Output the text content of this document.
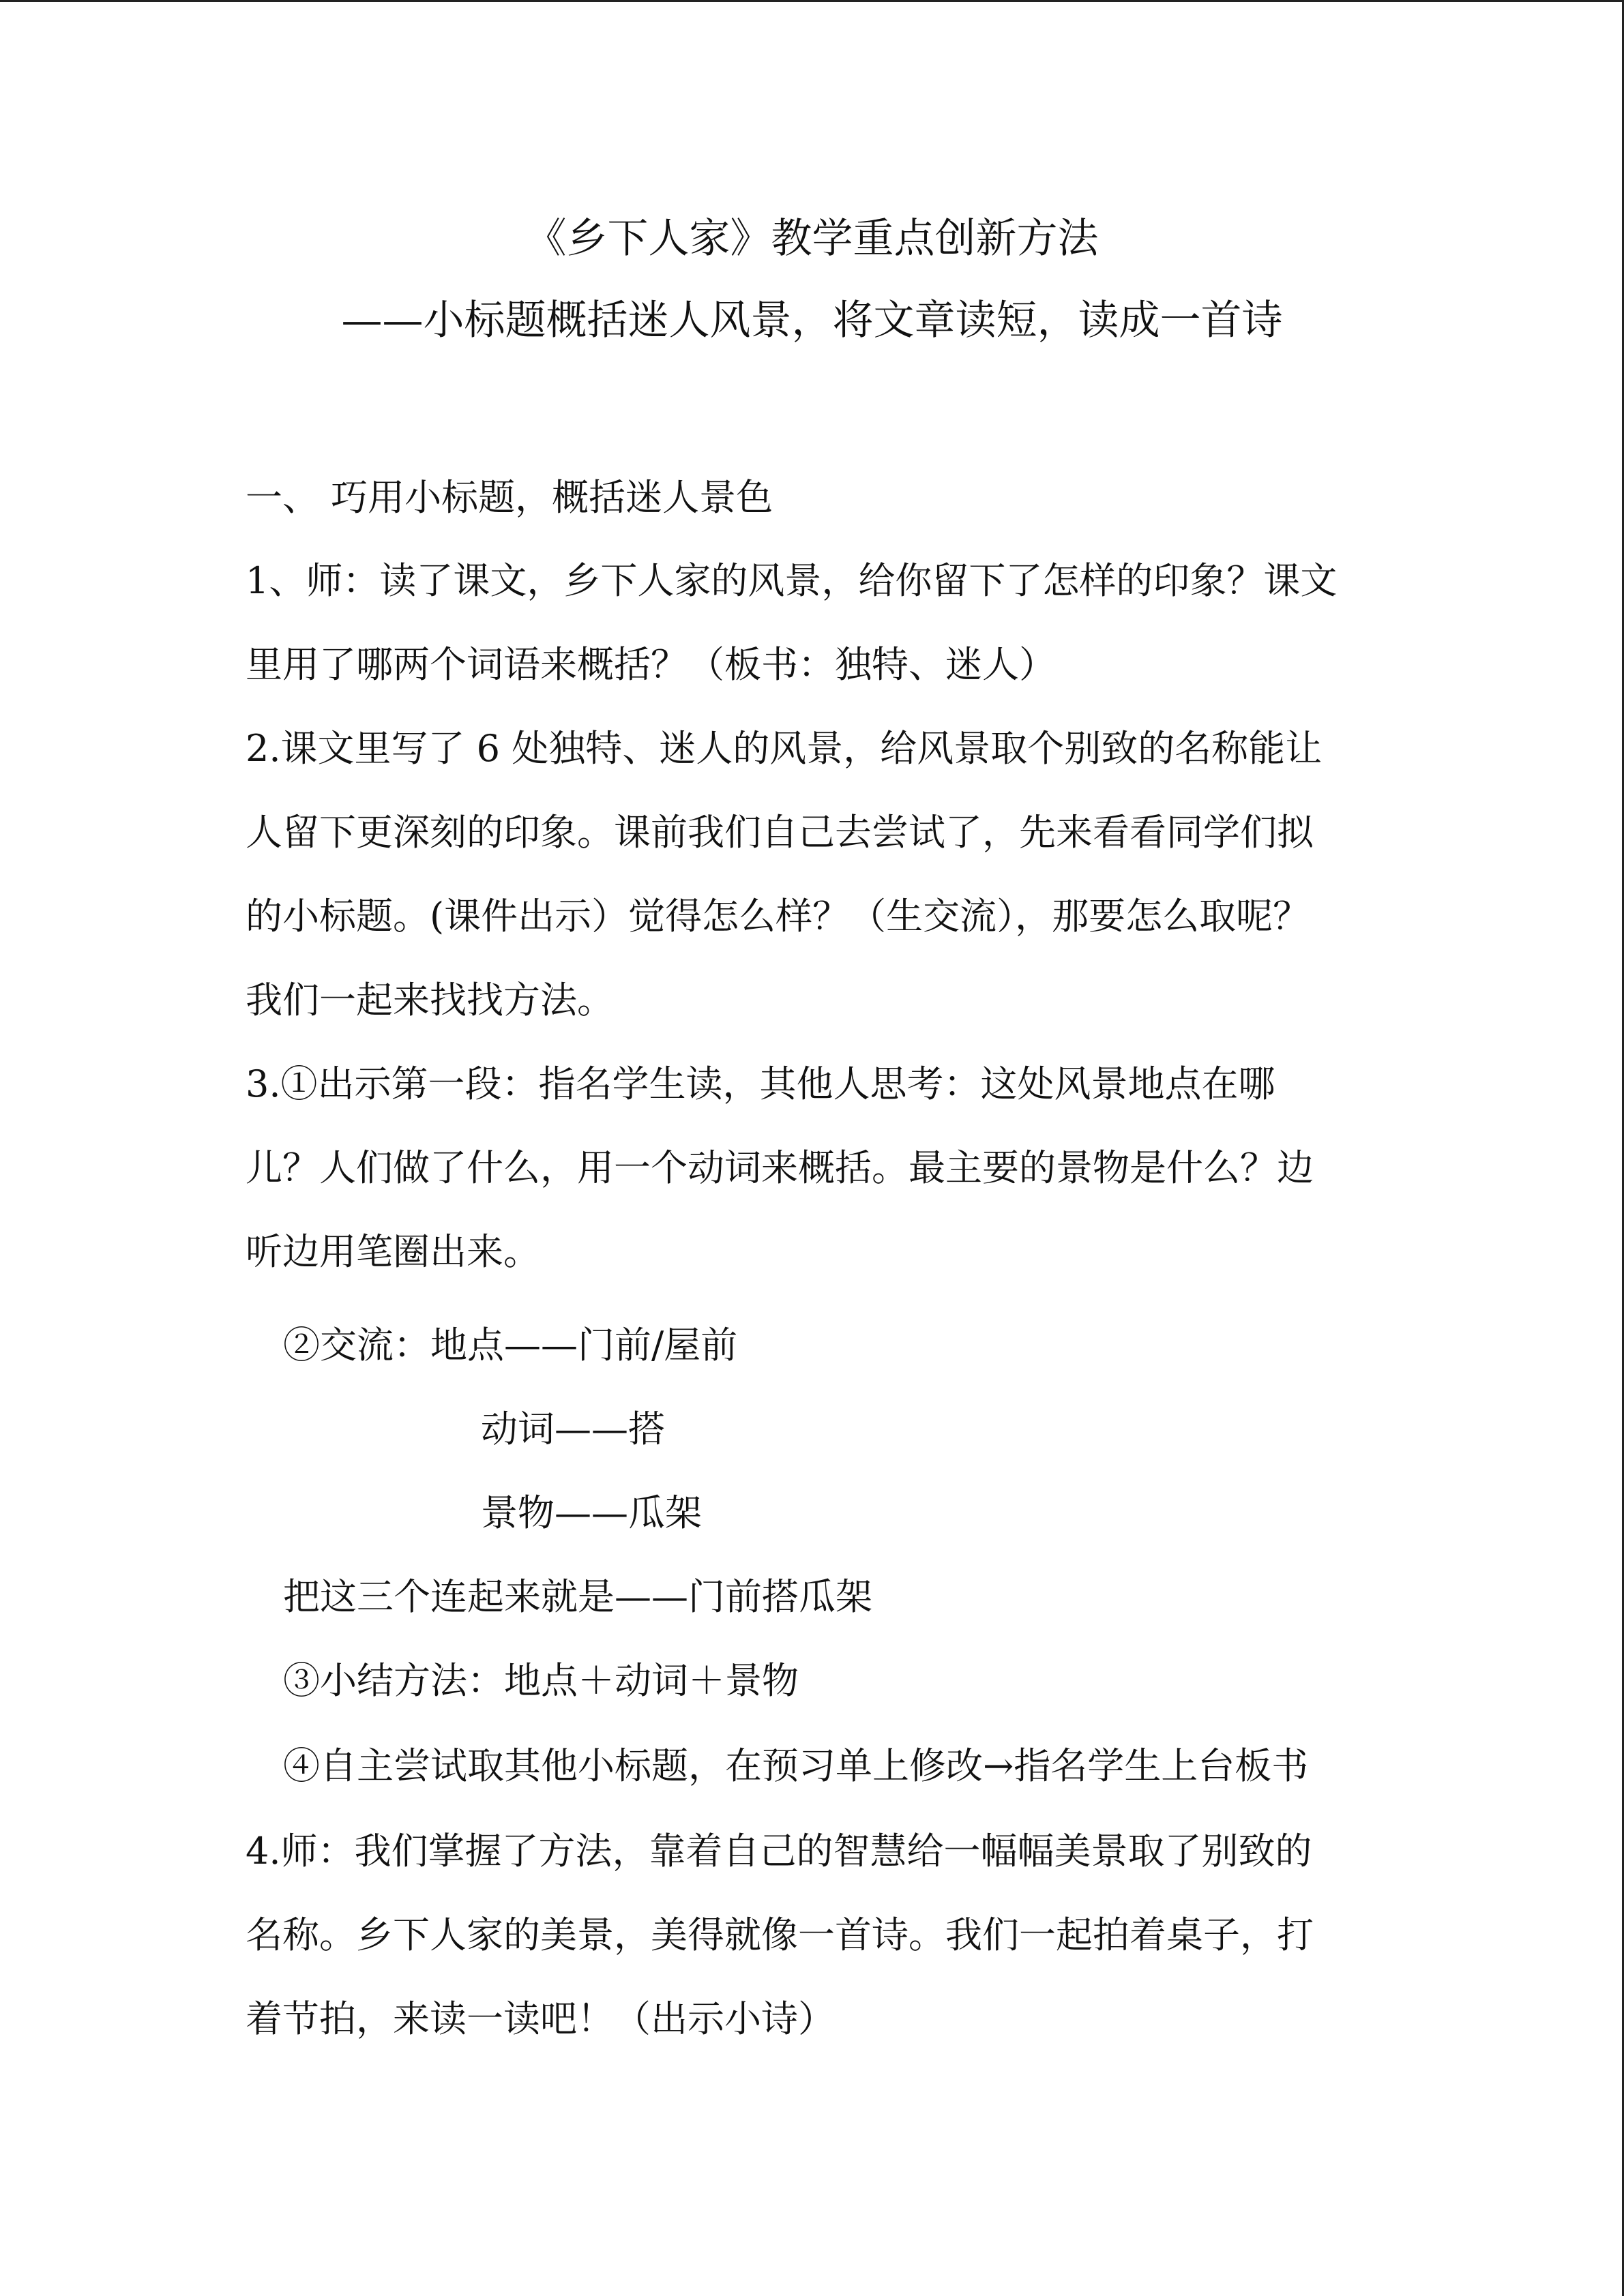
《乡下人家》教学重点创新方法
——小标题概括迷人风景，将文章读短，读成一首诗
一、 巧用小标题，概括迷人景色
1、师：读了课文，乡下人家的风景，给你留下了怎样的印象？课文
里用了哪两个词语来概括？（板书：独特、迷人）
2.课文里写了 6 处独特、迷人的风景，给风景取个别致的名称能让
人留下更深刻的印象。课前我们自己去尝试了，先来看看同学们拟
的小标题。(课件出示）觉得怎么样？（生交流），那要怎么取呢？
我们一起来找找方法。
3.①出示第一段：指名学生读，其他人思考：这处风景地点在哪
儿？人们做了什么，用一个动词来概括。最主要的景物是什么？边
听边用笔圈出来。
②交流：地点——门前/屋前
动词——搭
景物——瓜架
把这三个连起来就是——门前搭瓜架
③小结方法：地点＋动词＋景物
④自主尝试取其他小标题，在预习单上修改→指名学生上台板书
4.师：我们掌握了方法，靠着自己的智慧给一幅幅美景取了别致的
名称。乡下人家的美景，美得就像一首诗。我们一起拍着桌子，打
着节拍，来读一读吧！（出示小诗）
